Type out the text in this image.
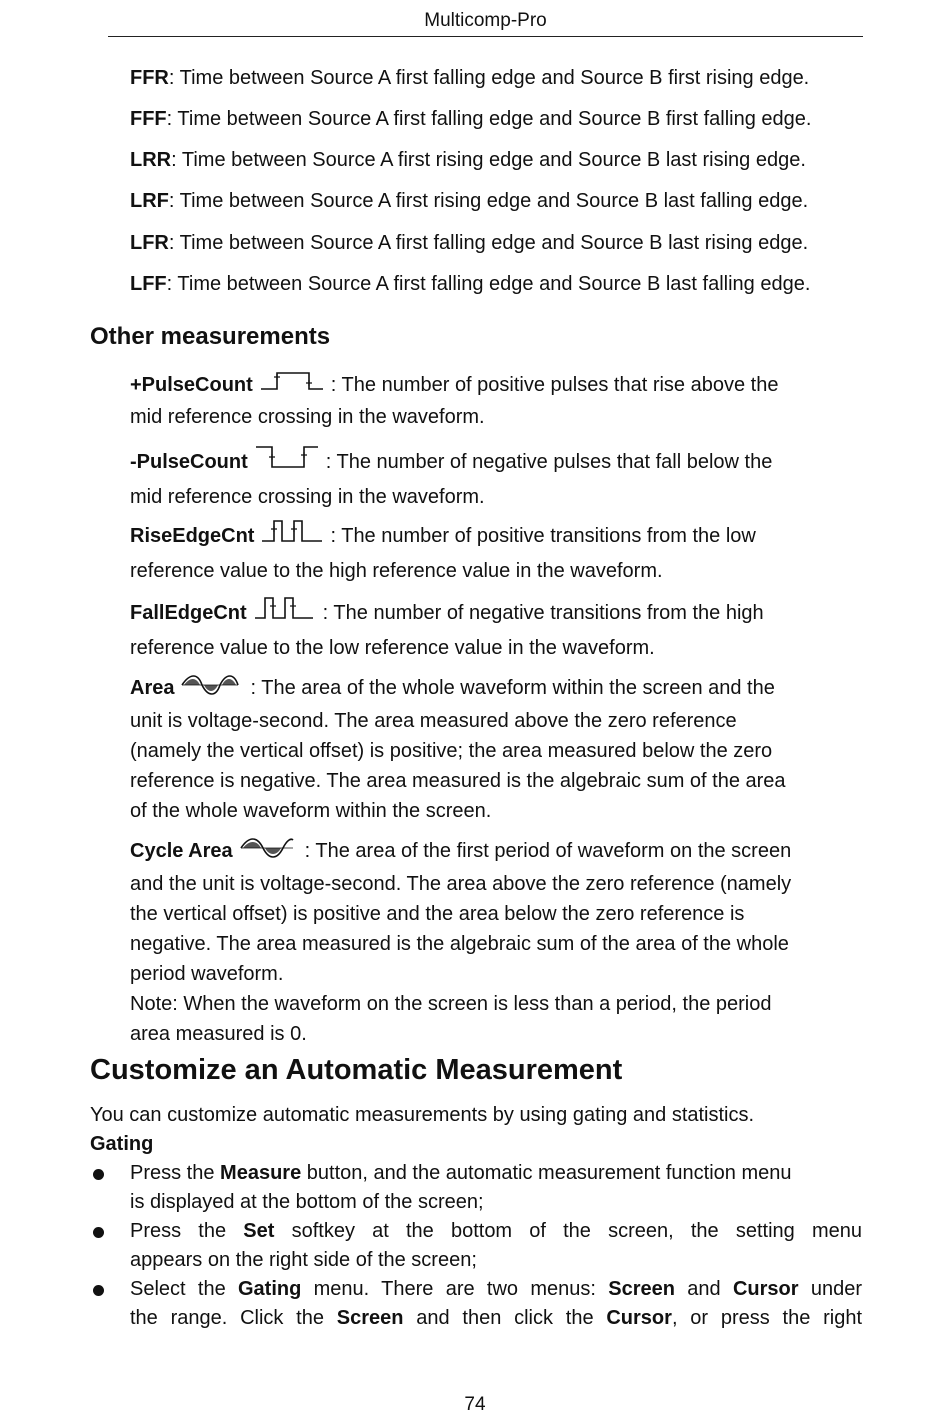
Multicomp-Pro
FFR: Time between Source A first falling edge and Source B first rising edge.
FFF: Time between Source A first falling edge and Source B first falling edge.
LRR: Time between Source A first rising edge and Source B last rising edge.
LRF: Time between Source A first rising edge and Source B last falling edge.
LFR: Time between Source A first falling edge and Source B last rising edge.
LFF: Time between Source A first falling edge and Source B last falling edge.
Other measurements
+PulseCount	: The number of positive pulses that rise above the
mid reference crossing in the waveform.
-PulseCount	: The number of negative pulses that fall below the
mid reference crossing in the waveform.
RiseEdgeCnt	: The number of positive transitions from the low
reference value to the high reference value in the waveform.
FallEdgeCnt	: The number of negative transitions from the high
reference value to the low reference value in the waveform.
Area	: The area of the whole waveform within the screen and the
unit is voltage-second. The area measured above the zero reference
(namely the vertical offset) is positive; the area measured below the zero
reference is negative. The area measured is the algebraic sum of the area
of the whole waveform within the screen.
Cycle Area	: The area of the first period of waveform on the screen
and the unit is voltage-second. The area above the zero reference (namely
the vertical offset) is positive and the area below the zero reference is
negative. The area measured is the algebraic sum of the area of the whole
period waveform.
Note: When the waveform on the screen is less than a period, the period
area measured is 0.
Customize an Automatic Measurement
You can customize automatic measurements by using gating and statistics.
Gating
Press the Measure button, and the automatic measurement function menu
is displayed at the bottom of the screen;
Press the Set softkey at the bottom of the screen, the setting menu
appears on the right side of the screen;
Select the Gating menu. There are two menus: Screen and Cursor under
the range. Click the Screen and then click the Cursor, or press the right
74
